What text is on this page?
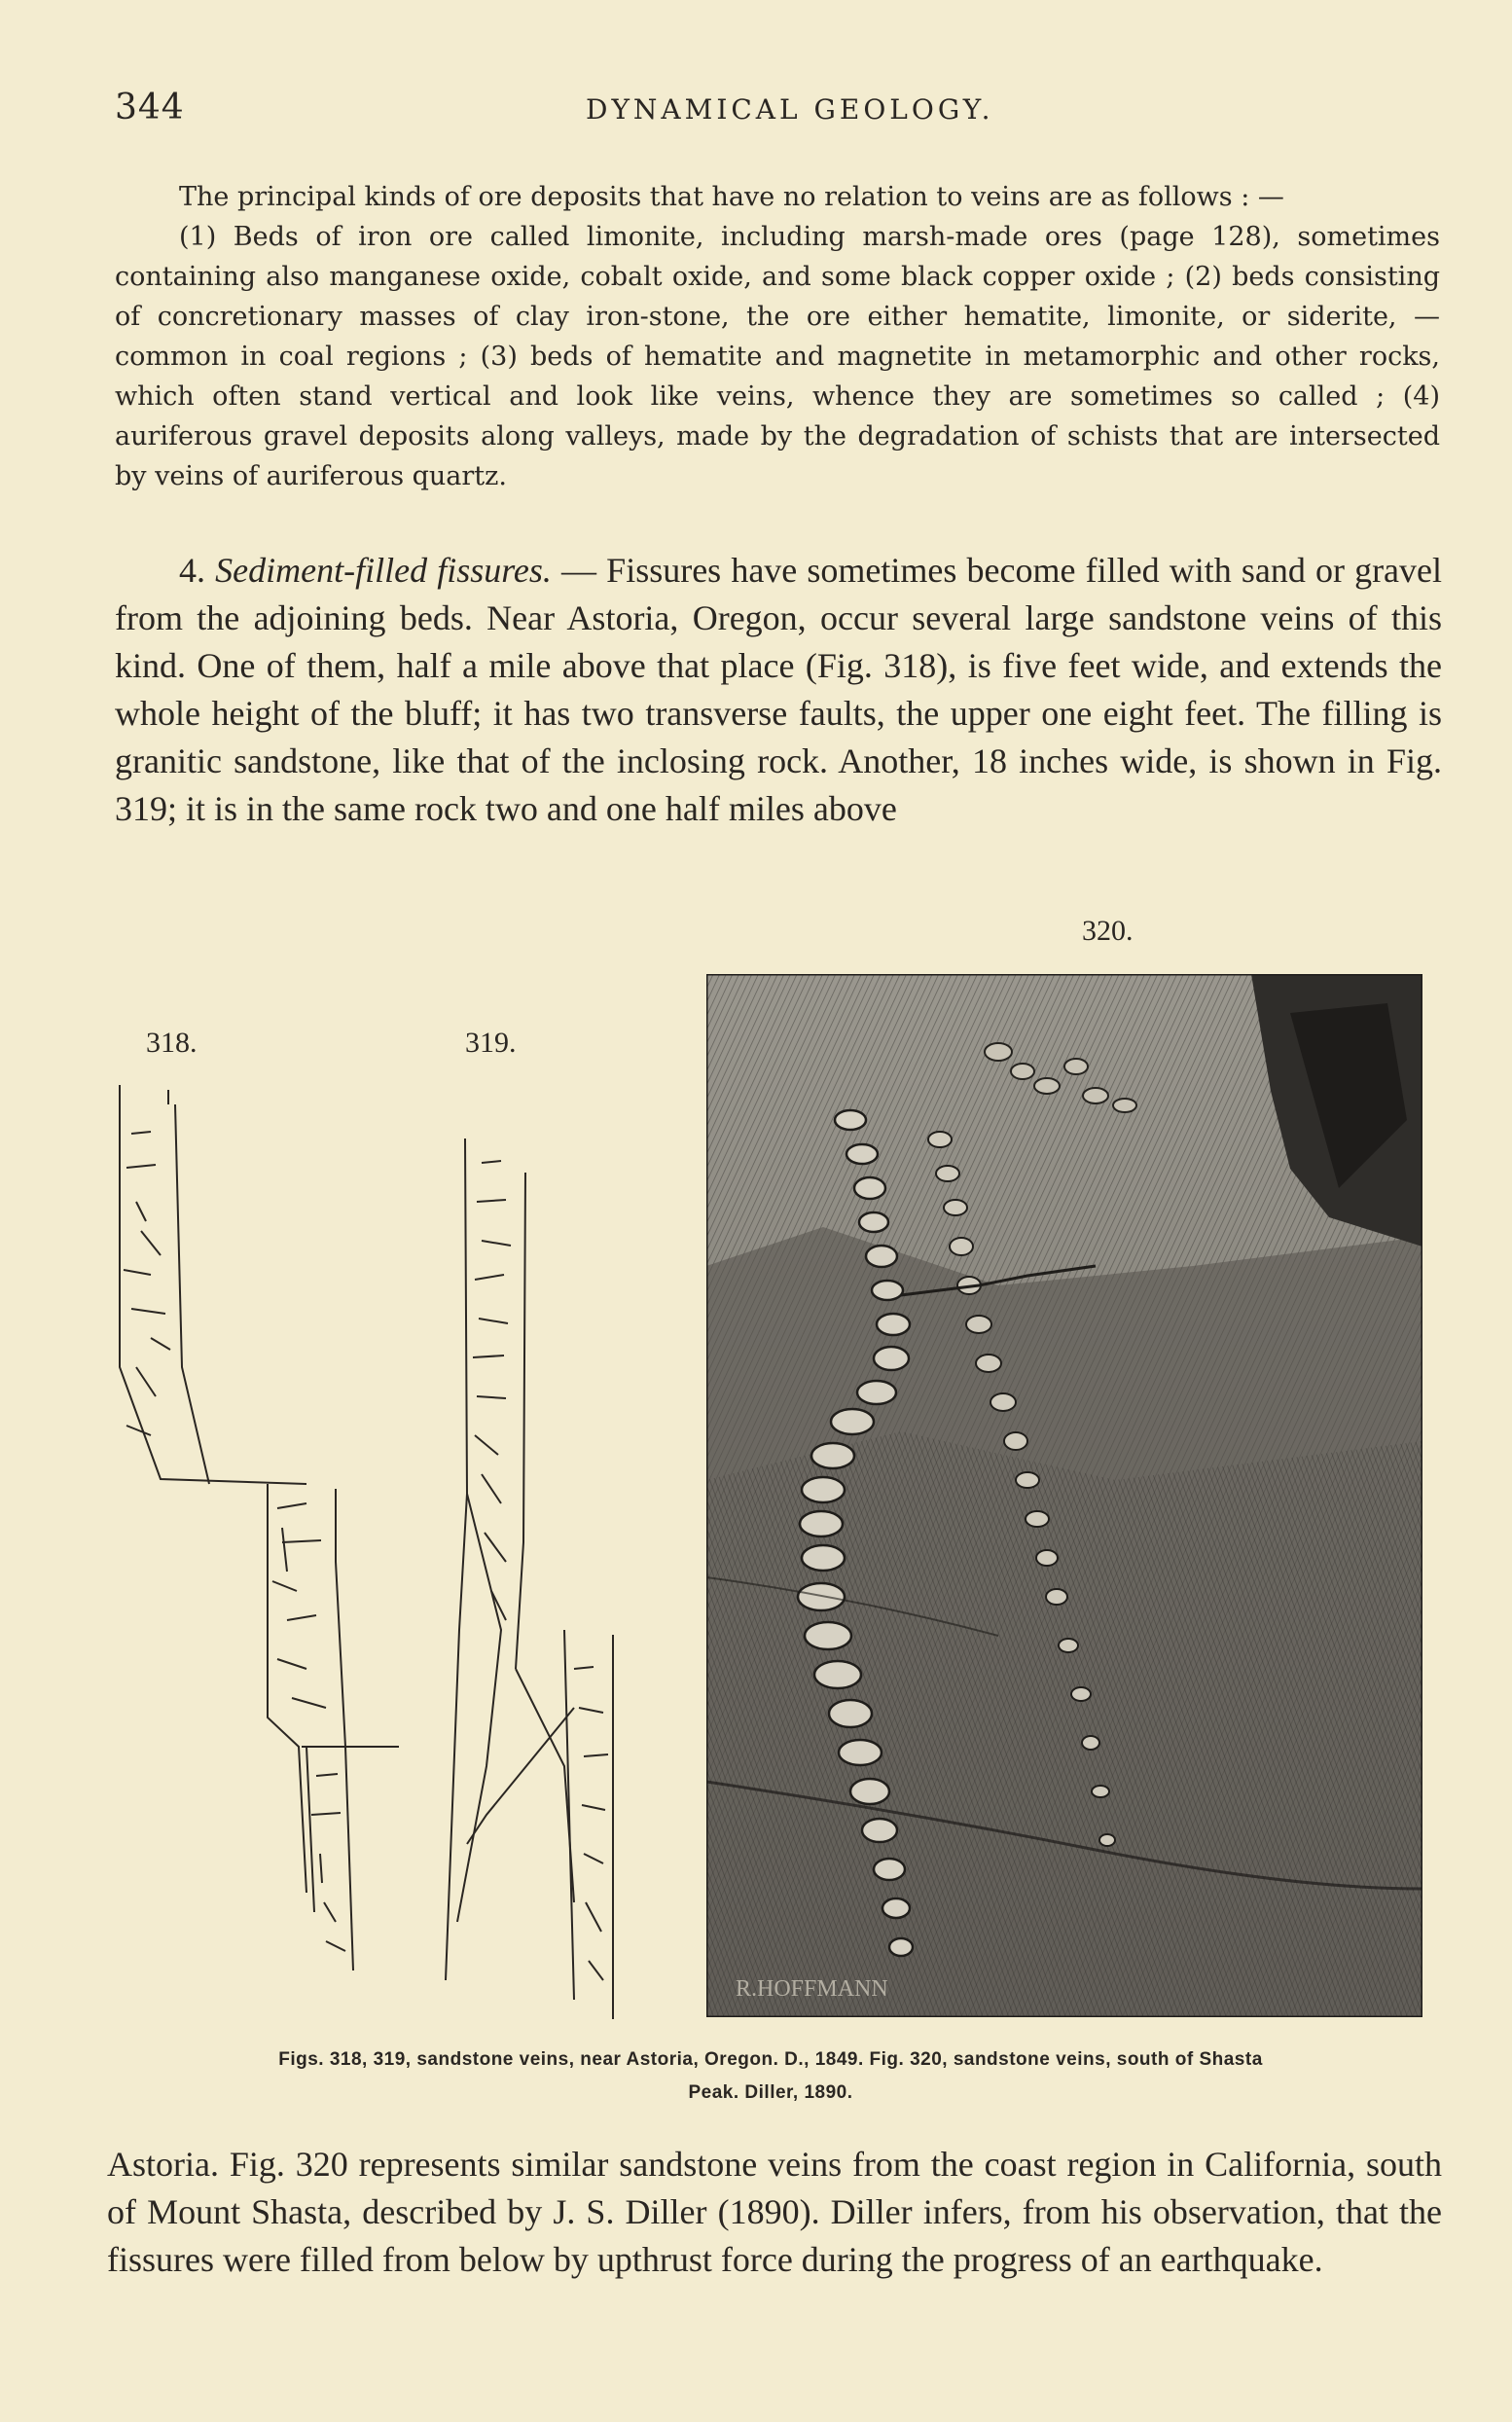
344	DYNAMICAL GEOLOGY.

The principal kinds of ore deposits that have no relation to veins are as follows : —

(1) Beds of iron ore called limonite, including marsh-made ores (page 128), sometimes containing also manganese oxide, cobalt oxide, and some black copper oxide ; (2) beds consisting of concretionary masses of clay iron-stone, the ore either hematite, limonite, or siderite, — common in coal regions ; (3) beds of hematite and magnetite in metamorphic and other rocks, which often stand vertical and look like veins, whence they are sometimes so called ; (4) auriferous gravel deposits along valleys, made by the degradation of schists that are intersected by veins of auriferous quartz.

4. Sediment-filled fissures. — Fissures have sometimes become filled with sand or gravel from the adjoining beds. Near Astoria, Oregon, occur several large sandstone veins of this kind. One of them, half a mile above that place (Fig. 318), is five feet wide, and extends the whole height of the bluff; it has two transverse faults, the upper one eight feet. The filling is granitic sandstone, like that of the inclosing rock. Another, 18 inches wide, is shown in Fig. 319; it is in the same rock two and one half miles above

320.
318.	319.
R.HOFFMANN
Figs. 318, 319, sandstone veins, near Astoria, Oregon. D., 1849. Fig. 320, sandstone veins, south of Shasta
Peak. Diller, 1890.

Astoria. Fig. 320 represents similar sandstone veins from the coast region in California, south of Mount Shasta, described by J. S. Diller (1890). Diller infers, from his observation, that the fissures were filled from below by upthrust force during the progress of an earthquake.
